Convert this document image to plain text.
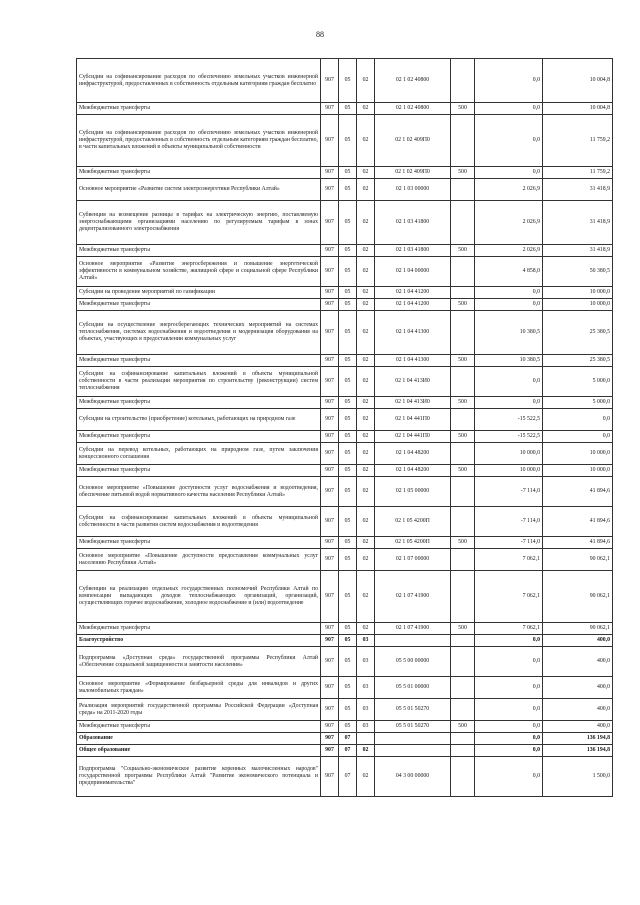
88
Субсидии на софинансирование расходов по обеспечению земельных участков инженерной инфраструктурой, предоставленных в собственность отдельным категориям граждан бесплатно	907	05	02	02 1 02 40800		0,0	10 004,8
Межбюджетные трансферты	907	05	02	02 1 02 40800	500	0,0	10 004,8
Субсидии на софинансирование расходов по обеспечению земельных участков инженерной инфраструктурой, предоставленных в собственность отдельным категориям граждан бесплатно, в части капитальных вложений в объекты муниципальной собственности	907	05	02	02 1 02 409П0		0,0	11 759,2
Межбюджетные трансферты	907	05	02	02 1 02 409П0	500	0,0	11 759,2
Основное мероприятие «Развитие систем электроэнергетики Республики Алтай»	907	05	02	02 1 03 00000		2 026,9	31 418,9
Субвенция на возмещение разницы в тарифах на электрическую энергию, поставляемую энергоснабжающими организациями населению по регулируемым тарифам в зонах децентрализованного электроснабжения	907	05	02	02 1 03 41800		2 026,9	31 418,9
Межбюджетные трансферты	907	05	02	02 1 03 41800	500	2 026,9	31 418,9
Основное мероприятие «Развитие энергосбережения и повышение энергетической эффективности в коммунальном хозяйстве, жилищной сфере и социальной сфере Республики Алтай»	907	05	02	02 1 04 00000		4 858,0	50 380,5
Субсидии на проведение мероприятий по газификации	907	05	02	02 1 04 41200		0,0	10 000,0
Межбюджетные трансферты	907	05	02	02 1 04 41200	500	0,0	10 000,0
Субсидии на осуществление энергосберегающих технических мероприятий на системах теплоснабжения, системах водоснабжения и водоотведения и модернизация оборудования на объектах, участвующих в предоставлении коммунальных услуг	907	05	02	02 1 04 41300		10 380,5	25 380,5
Межбюджетные трансферты	907	05	02	02 1 04 41300	500	10 380,5	25 380,5
Субсидии на софинансирование капитальных вложений в объекты муниципальной собственности в части реализации мероприятия по строительству (реконструкции) систем теплоснабжения	907	05	02	02 1 04 413И0		0,0	5 000,0
Межбюджетные трансферты	907	05	02	02 1 04 413И0	500	0,0	5 000,0
Субсидии на строительство (приобретение) котельных, работающих на природном газе	907	05	02	02 1 04 441П0		-15 522,5	0,0
Межбюджетные трансферты	907	05	02	02 1 04 441П0	500	-15 522,5	0,0
Субсидии на перевод котельных, работающих на природном газе, путем заключения концессионного соглашения	907	05	02	02 1 04 48200		10 000,0	10 000,0
Межбюджетные трансферты	907	05	02	02 1 04 48200	500	10 000,0	10 000,0
Основное мероприятие «Повышение доступности услуг водоснабжения и водоотведения, обеспечение питьевой водой нормативного качества населения Республики Алтай»	907	05	02	02 1 05 00000		-7 114,0	41 894,6
Субсидии на софинансирование капитальных вложений в объекты муниципальной собственности в части развития систем водоснабжения и водоотведения	907	05	02	02 1 05 4200П		-7 114,0	41 894,6
Межбюджетные трансферты	907	05	02	02 1 05 4200П	500	-7 114,0	41 894,6
Основное мероприятие «Повышение доступности предоставления коммунальных услуг населению Республики Алтай»	907	05	02	02 1 07 00000		7 062,1	90 062,1
Субвенции на реализацию отдельных государственных полномочий Республики Алтай по компенсации выпадающих доходов теплоснабжающих организаций, организаций, осуществляющих горячее водоснабжение, холодное водоснабжение и (или) водоотведение	907	05	02	02 1 07 41900		7 062,1	90 062,1
Межбюджетные трансферты	907	05	02	02 1 07 41900	500	7 062,1	90 062,1
Благоустройство	907	05	03			0,0	400,0
Подпрограмма «Доступная среда» государственной программы Республики Алтай «Обеспечение социальной защищенности и занятости населения»	907	05	03	05 5 00 00000		0,0	400,0
Основное мероприятие «Формирование безбарьерной среды для инвалидов и других маломобильных граждан»	907	05	03	05 5 01 00000		0,0	400,0
Реализация мероприятий государственной программы Российской Федерации «Доступная среда» на 2011-2020 годы	907	05	03	05 5 01 50270		0,0	400,0
Межбюджетные трансферты	907	05	03	05 5 01 50270	500	0,0	400,0
Образование	907	07				0,0	136 194,8
Общее образование	907	07	02			0,0	136 194,8
Подпрограмма "Социально-экономическое развитие коренных малочисленных народов" государственной программы Республики Алтай "Развитие экономического потенциала и предпринимательства"	907	07	02	04 3 00 00000		0,0	1 500,0
